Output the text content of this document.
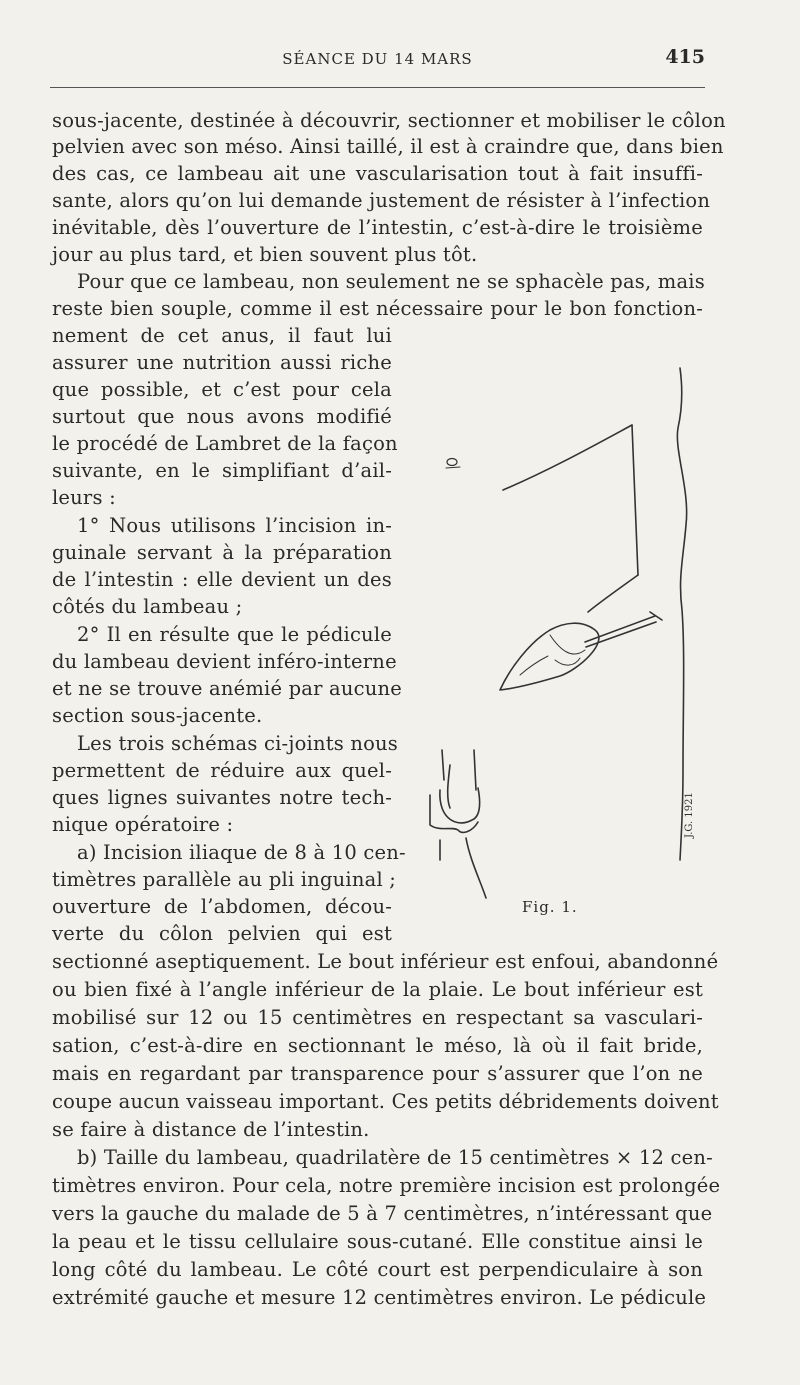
SÉANCE DU 14 MARS	415
sous-jacente, destinée à découvrir, sectionner et mobiliser le côlon
pelvien avec son méso. Ainsi taillé, il est à craindre que, dans bien
des cas, ce lambeau ait une vascularisation tout à fait insuffi-
sante, alors qu’on lui demande justement de résister à l’infection
inévitable, dès l’ouverture de l’intestin, c’est-à-dire le troisième
jour au plus tard, et bien souvent plus tôt.
Pour que ce lambeau, non seulement ne se sphacèle pas, mais
reste bien souple, comme il est nécessaire pour le bon fonction-
nement de cet anus, il faut lui
assurer une nutrition aussi riche
que possible, et c’est pour cela
surtout que nous avons modifié
le procédé de Lambret de la façon
suivante, en le simplifiant d’ail-
leurs :
1° Nous utilisons l’incision in-
guinale servant à la préparation
de l’intestin : elle devient un des
côtés du lambeau ;
2° Il en résulte que le pédicule
du lambeau devient inféro-interne
et ne se trouve anémié par aucune
section sous-jacente.
Les trois schémas ci-joints nous
permettent de réduire aux quel-
ques lignes suivantes notre tech-
nique opératoire :
a) Incision iliaque de 8 à 10 cen-
timètres parallèle au pli inguinal ;
ouverture de l’abdomen, décou-
verte du côlon pelvien qui est
sectionné aseptiquement. Le bout inférieur est enfoui, abandonné
ou bien fixé à l’angle inférieur de la plaie. Le bout inférieur est
mobilisé sur 12 ou 15 centimètres en respectant sa vasculari-
sation, c’est-à-dire en sectionnant le méso, là où il fait bride,
mais en regardant par transparence pour s’assurer que l’on ne
coupe aucun vaisseau important. Ces petits débridements doivent
se faire à distance de l’intestin.
b) Taille du lambeau, quadrilatère de 15 centimètres × 12 cen-
timètres environ. Pour cela, notre première incision est prolongée
vers la gauche du malade de 5 à 7 centimètres, n’intéressant que
la peau et le tissu cellulaire sous-cutané. Elle constitue ainsi le
long côté du lambeau. Le côté court est perpendiculaire à son
extrémité gauche et mesure 12 centimètres environ. Le pédicule
J.G. 1921
Fig. 1.
